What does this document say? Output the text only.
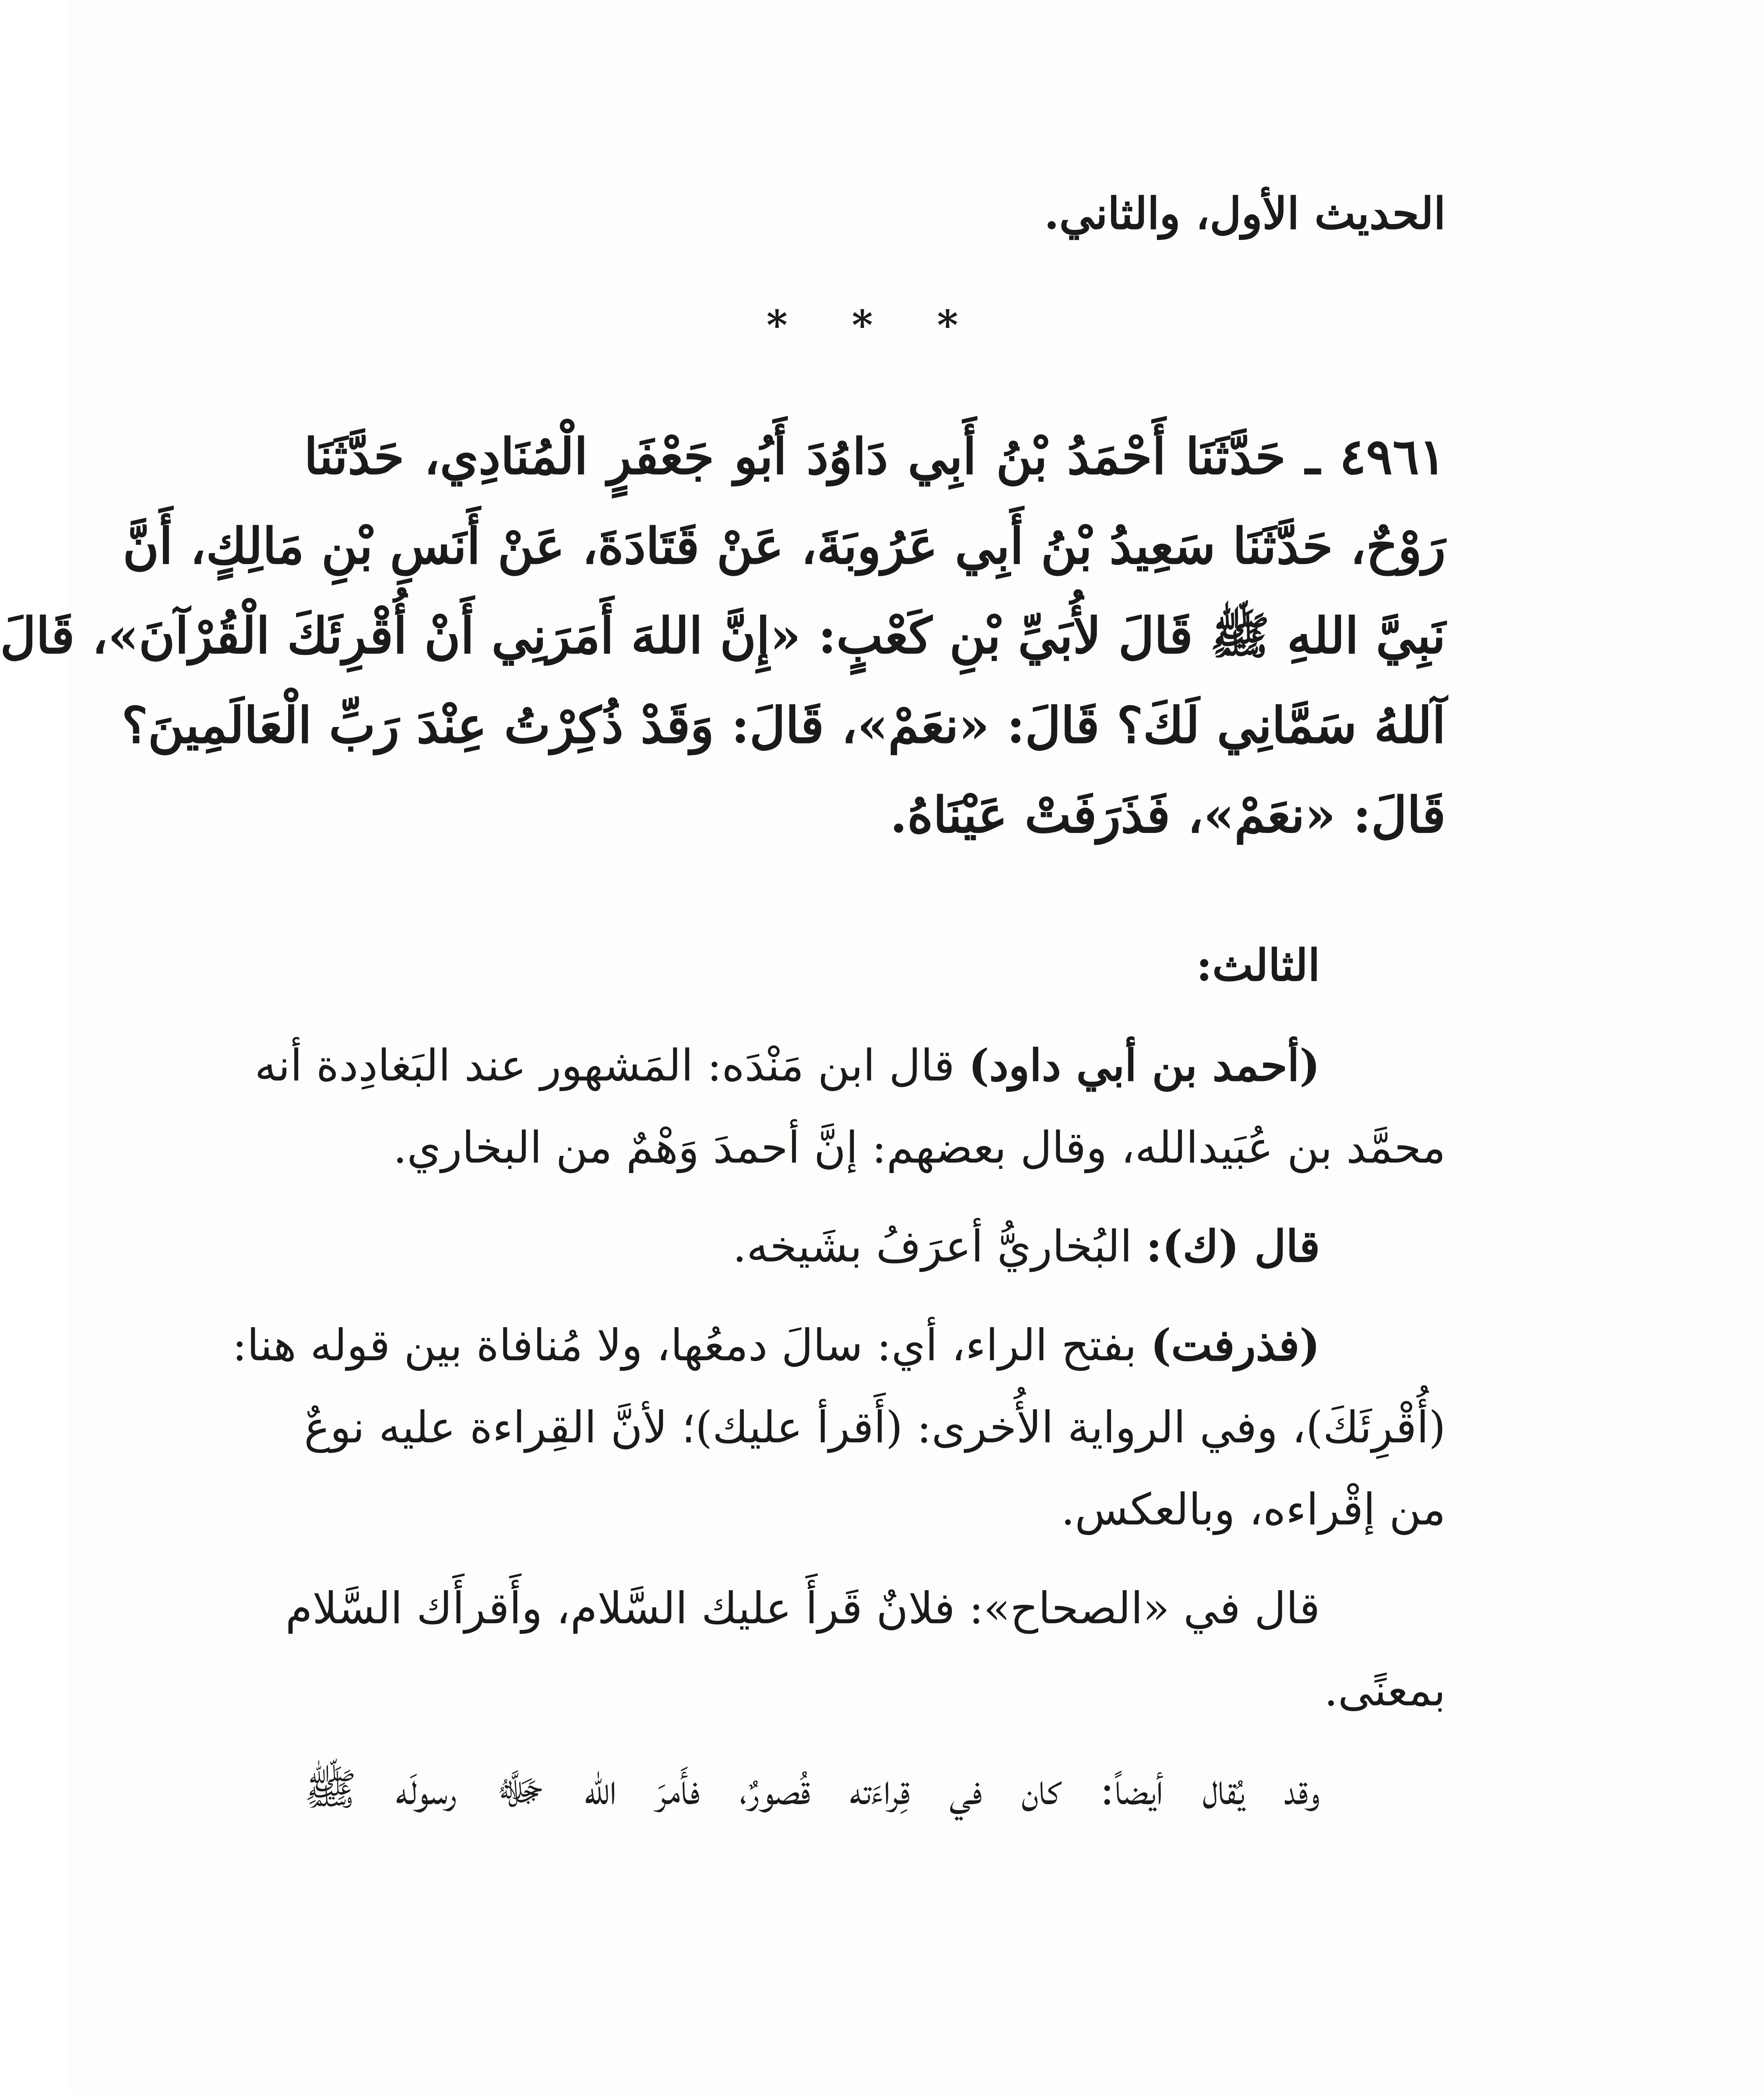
الحديث الأول، والثاني.
* * *
٤٩٦١ ـ حَدَّثَنَا أَحْمَدُ بْنُ أَبِي دَاوُدَ أَبُو جَعْفَرٍ الْمُنَادِي، حَدَّثَنَا
رَوْحٌ، حَدَّثَنَا سَعِيدُ بْنُ أَبِي عَرُوبَةَ، عَنْ قَتَادَةَ، عَنْ أَنَسِ بْنِ مَالِكٍ، أَنَّ
نَبِيَّ اللهِ ﷺ قَالَ لأُبَيِّ بْنِ كَعْبٍ: «إِنَّ اللهَ أَمَرَنِي أَنْ أُقْرِئَكَ الْقُرْآنَ»، قَالَ
آللهُ سَمَّانِي لَكَ؟ قَالَ: «نعَمْ»، قَالَ: وَقَدْ ذُكِرْتُ عِنْدَ رَبِّ الْعَالَمِينَ؟
قَالَ: «نعَمْ»، فَذَرَفَتْ عَيْنَاهُ.
الثالث:
(أحمد بن أبي داود) قال ابن مَنْدَه: المَشهور عند البَغادِدة أنه
محمَّد بن عُبَيدالله، وقال بعضهم: إنَّ أحمدَ وَهْمٌ من البخاري.
قال (ك): البُخاريُّ أعرَفُ بشَيخه.
(فذرفت) بفتح الراء، أي: سالَ دمعُها، ولا مُنافاة بين قوله هنا:
(أُقْرِئَكَ)، وفي الرواية الأُخرى: (أَقرأ عليك)؛ لأنَّ القِراءة عليه نوعٌ
من إقْراءه، وبالعكس.
قال في «الصحاح»: فلانٌ قَرأَ عليك السَّلام، وأَقرأَك السَّلام
بمعنًى.
وقد يُقال أيضاً: كان في قِراءَته قُصورٌ، فأَمرَ الله ﷻ رسولَه ﷺ
